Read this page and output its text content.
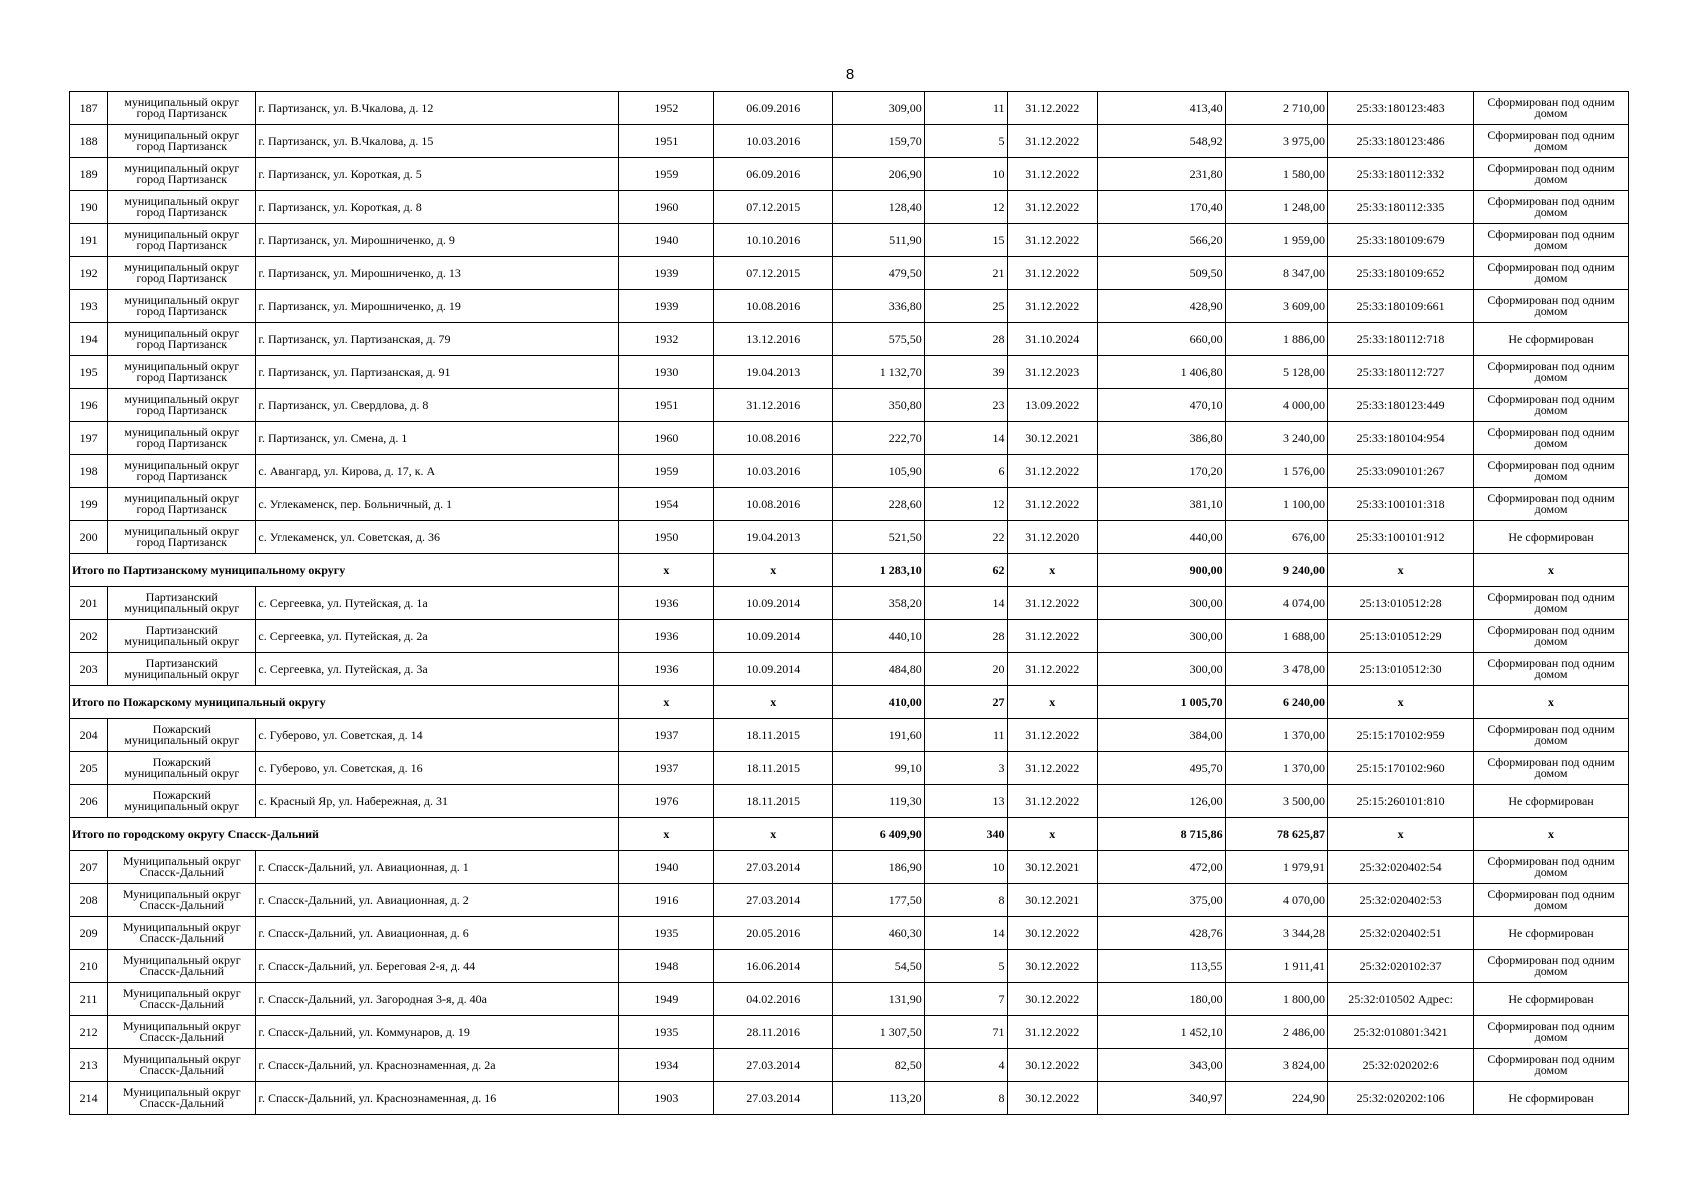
8
187	муниципальный округ город Партизанск	г. Партизанск, ул. В.Чкалова, д. 12	1952	06.09.2016	309,00	11	31.12.2022	413,40	2 710,00	25:33:180123:483	Сформирован под одним домом
188	муниципальный округ город Партизанск	г. Партизанск, ул. В.Чкалова, д. 15	1951	10.03.2016	159,70	5	31.12.2022	548,92	3 975,00	25:33:180123:486	Сформирован под одним домом
189	муниципальный округ город Партизанск	г. Партизанск, ул. Короткая, д. 5	1959	06.09.2016	206,90	10	31.12.2022	231,80	1 580,00	25:33:180112:332	Сформирован под одним домом
190	муниципальный округ город Партизанск	г. Партизанск, ул. Короткая, д. 8	1960	07.12.2015	128,40	12	31.12.2022	170,40	1 248,00	25:33:180112:335	Сформирован под одним домом
191	муниципальный округ город Партизанск	г. Партизанск, ул. Мирошниченко, д. 9	1940	10.10.2016	511,90	15	31.12.2022	566,20	1 959,00	25:33:180109:679	Сформирован под одним домом
192	муниципальный округ город Партизанск	г. Партизанск, ул. Мирошниченко, д. 13	1939	07.12.2015	479,50	21	31.12.2022	509,50	8 347,00	25:33:180109:652	Сформирован под одним домом
193	муниципальный округ город Партизанск	г. Партизанск, ул. Мирошниченко, д. 19	1939	10.08.2016	336,80	25	31.12.2022	428,90	3 609,00	25:33:180109:661	Сформирован под одним домом
194	муниципальный округ город Партизанск	г. Партизанск, ул. Партизанская, д. 79	1932	13.12.2016	575,50	28	31.10.2024	660,00	1 886,00	25:33:180112:718	Не сформирован
195	муниципальный округ город Партизанск	г. Партизанск, ул. Партизанская, д. 91	1930	19.04.2013	1 132,70	39	31.12.2023	1 406,80	5 128,00	25:33:180112:727	Сформирован под одним домом
196	муниципальный округ город Партизанск	г. Партизанск, ул. Свердлова, д. 8	1951	31.12.2016	350,80	23	13.09.2022	470,10	4 000,00	25:33:180123:449	Сформирован под одним домом
197	муниципальный округ город Партизанск	г. Партизанск, ул. Смена, д. 1	1960	10.08.2016	222,70	14	30.12.2021	386,80	3 240,00	25:33:180104:954	Сформирован под одним домом
198	муниципальный округ город Партизанск	с. Авангард, ул. Кирова, д. 17, к. А	1959	10.03.2016	105,90	6	31.12.2022	170,20	1 576,00	25:33:090101:267	Сформирован под одним домом
199	муниципальный округ город Партизанск	с. Углекаменск, пер. Больничный, д. 1	1954	10.08.2016	228,60	12	31.12.2022	381,10	1 100,00	25:33:100101:318	Сформирован под одним домом
200	муниципальный округ город Партизанск	с. Углекаменск, ул. Советская, д. 36	1950	19.04.2013	521,50	22	31.12.2020	440,00	676,00	25:33:100101:912	Не сформирован
Итого по Партизанскому муниципальному округу			x	x	1 283,10	62	x	900,00	9 240,00	x	x
201	Партизанский муниципальный округ	с. Сергеевка, ул. Путейская, д. 1а	1936	10.09.2014	358,20	14	31.12.2022	300,00	4 074,00	25:13:010512:28	Сформирован под одним домом
202	Партизанский муниципальный округ	с. Сергеевка, ул. Путейская, д. 2а	1936	10.09.2014	440,10	28	31.12.2022	300,00	1 688,00	25:13:010512:29	Сформирован под одним домом
203	Партизанский муниципальный округ	с. Сергеевка, ул. Путейская, д. 3а	1936	10.09.2014	484,80	20	31.12.2022	300,00	3 478,00	25:13:010512:30	Сформирован под одним домом
Итого по Пожарскому муниципальный округу			x	x	410,00	27	x	1 005,70	6 240,00	x	x
204	Пожарский муниципальный округ	с. Губерово, ул. Советская, д. 14	1937	18.11.2015	191,60	11	31.12.2022	384,00	1 370,00	25:15:170102:959	Сформирован под одним домом
205	Пожарский муниципальный округ	с. Губерово, ул. Советская, д. 16	1937	18.11.2015	99,10	3	31.12.2022	495,70	1 370,00	25:15:170102:960	Сформирован под одним домом
206	Пожарский муниципальный округ	с. Красный Яр, ул. Набережная, д. 31	1976	18.11.2015	119,30	13	31.12.2022	126,00	3 500,00	25:15:260101:810	Не сформирован
Итого по городскому округу Спасск-Дальний			x	x	6 409,90	340	x	8 715,86	78 625,87	x	x
207	Муниципальный округ Спасск-Дальний	г. Спасск-Дальний, ул. Авиационная, д. 1	1940	27.03.2014	186,90	10	30.12.2021	472,00	1 979,91	25:32:020402:54	Сформирован под одним домом
208	Муниципальный округ Спасск-Дальний	г. Спасск-Дальний, ул. Авиационная, д. 2	1916	27.03.2014	177,50	8	30.12.2021	375,00	4 070,00	25:32:020402:53	Сформирован под одним домом
209	Муниципальный округ Спасск-Дальний	г. Спасск-Дальний, ул. Авиационная, д. 6	1935	20.05.2016	460,30	14	30.12.2022	428,76	3 344,28	25:32:020402:51	Не сформирован
210	Муниципальный округ Спасск-Дальний	г. Спасск-Дальний, ул. Береговая 2-я, д. 44	1948	16.06.2014	54,50	5	30.12.2022	113,55	1 911,41	25:32:020102:37	Сформирован под одним домом
211	Муниципальный округ Спасск-Дальний	г. Спасск-Дальний, ул. Загородная 3-я, д. 40а	1949	04.02.2016	131,90	7	30.12.2022	180,00	1 800,00	25:32:010502 Адрес:	Не сформирован
212	Муниципальный округ Спасск-Дальний	г. Спасск-Дальний, ул. Коммунаров, д. 19	1935	28.11.2016	1 307,50	71	31.12.2022	1 452,10	2 486,00	25:32:010801:3421	Сформирован под одним домом
213	Муниципальный округ Спасск-Дальний	г. Спасск-Дальний, ул. Краснознаменная, д. 2а	1934	27.03.2014	82,50	4	30.12.2022	343,00	3 824,00	25:32:020202:6	Сформирован под одним домом
214	Муниципальный округ Спасск-Дальний	г. Спасск-Дальний, ул. Краснознаменная, д. 16	1903	27.03.2014	113,20	8	30.12.2022	340,97	224,90	25:32:020202:106	Не сформирован
